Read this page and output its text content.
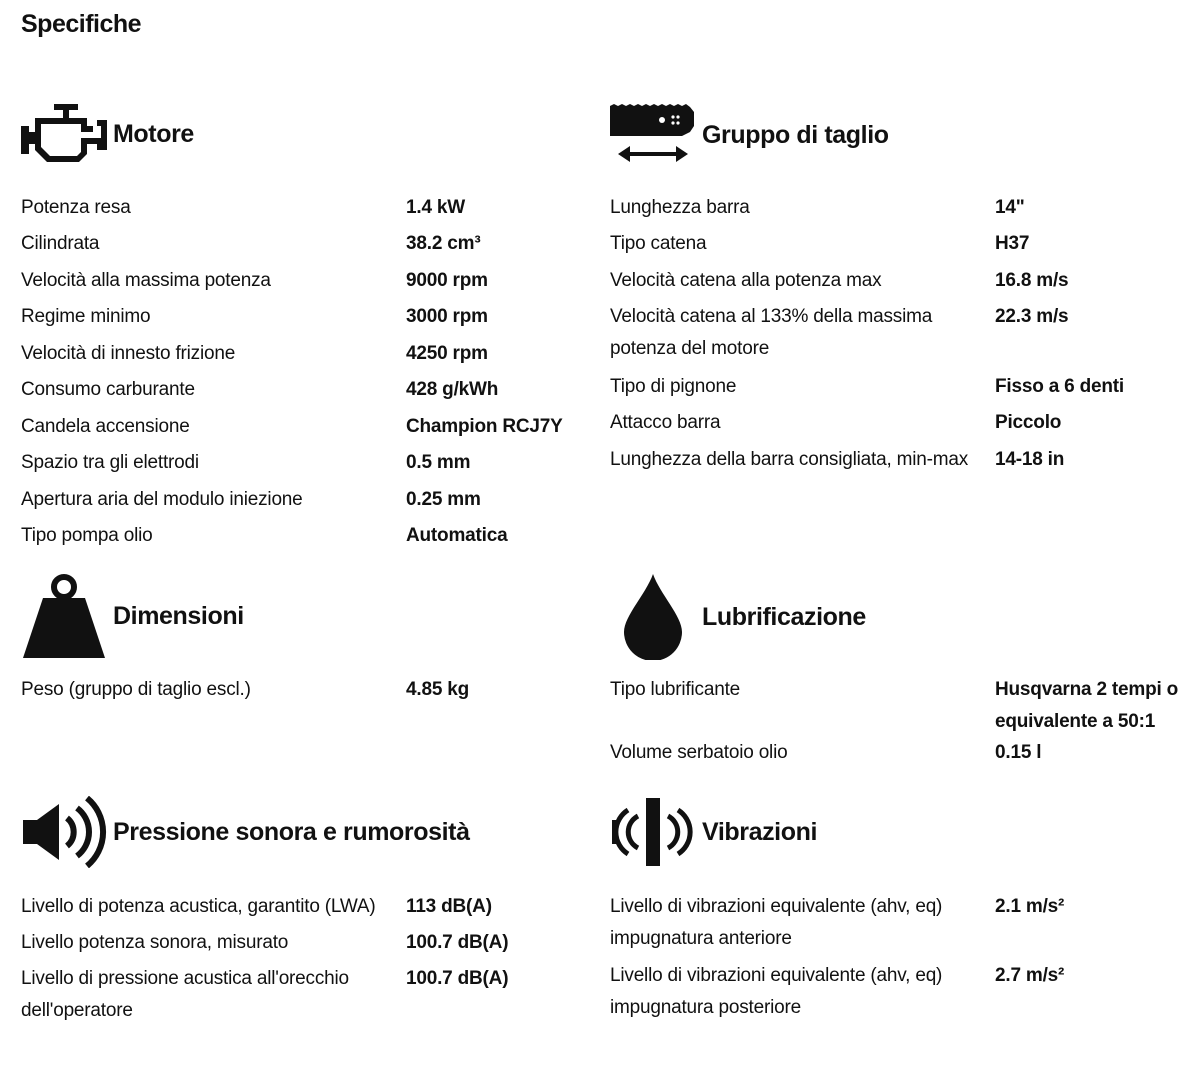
Specifiche
Motore
Potenza resa	1.4 kW
Cilindrata	38.2 cm³
Velocità alla massima potenza	9000 rpm
Regime minimo	3000 rpm
Velocità di innesto frizione	4250 rpm
Consumo carburante	428 g/kWh
Candela accensione	Champion RCJ7Y
Spazio tra gli elettrodi	0.5 mm
Apertura aria del modulo iniezione	0.25 mm
Tipo pompa olio	Automatica
Gruppo di taglio
Lunghezza barra	14"
Tipo catena	H37
Velocità catena alla potenza max	16.8 m/s
Velocità catena al 133% della massima
potenza del motore
22.3 m/s
Tipo di pignone	Fisso a 6 denti
Attacco barra	Piccolo
Lunghezza della barra consigliata, min-max 14-18 in
Dimensioni
Peso (gruppo di taglio escl.)	4.85 kg
Lubrificazione
Tipo lubrificante	Husqvarna 2 tempi o
equivalente a 50:1
Volume serbatoio olio	0.15 l
Pressione sonora e rumorosità
Livello di potenza acustica, garantito (LWA) 113 dB(A)
Livello potenza sonora, misurato	100.7 dB(A)
Livello di pressione acustica all'orecchio
dell'operatore
100.7 dB(A)
Vibrazioni
Livello di vibrazioni equivalente (ahv, eq)
impugnatura anteriore
2.1 m/s²
Livello di vibrazioni equivalente (ahv, eq)
impugnatura posteriore
2.7 m/s²
